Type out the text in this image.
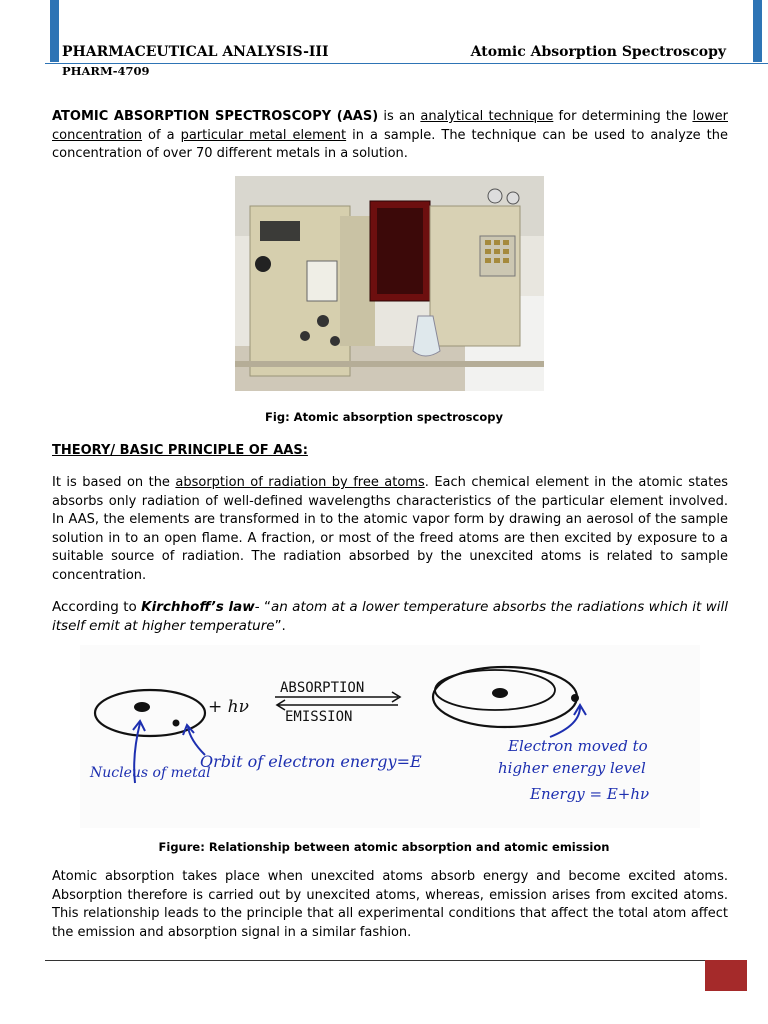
PHARMACEUTICAL ANALYSIS-III	Atomic Absorption Spectroscopy
PHARM-4709

ATOMIC ABSORPTION SPECTROSCOPY (AAS) is an analytical technique for determining the lower concentration of a particular metal element in a sample. The technique can be used to analyze the concentration of over 70 different metals in a solution.

Fig: Atomic absorption spectroscopy
THEORY/ BASIC PRINCIPLE OF AAS:

It is based on the absorption of radiation by free atoms. Each chemical element in the atomic states absorbs only radiation of well-defined wavelengths characteristics of the particular element involved. In AAS, the elements are transformed in to the atomic vapor form by drawing an aerosol of the sample solution in to an open flame. A fraction, or most of the freed atoms are then excited by exposure to a suitable source of radiation. The radiation absorbed by the unexcited atoms is related to sample concentration.

According to Kirchhoff’s law- “an atom at a lower temperature absorbs the radiations which it will itself emit at higher temperature”.

+ hν
ABSORPTION
EMISSION
Nucleus of metal
Orbit of electron energy=E
Electron moved to
higher energy level
Energy = E+hν
Figure: Relationship between atomic absorption and atomic emission

Atomic absorption takes place when unexcited atoms absorb energy and become excited atoms. Absorption therefore is carried out by unexcited atoms, whereas, emission arises from excited atoms. This relationship leads to the principle that all experimental conditions that affect the total atom affect the emission and absorption signal in a similar fashion.
